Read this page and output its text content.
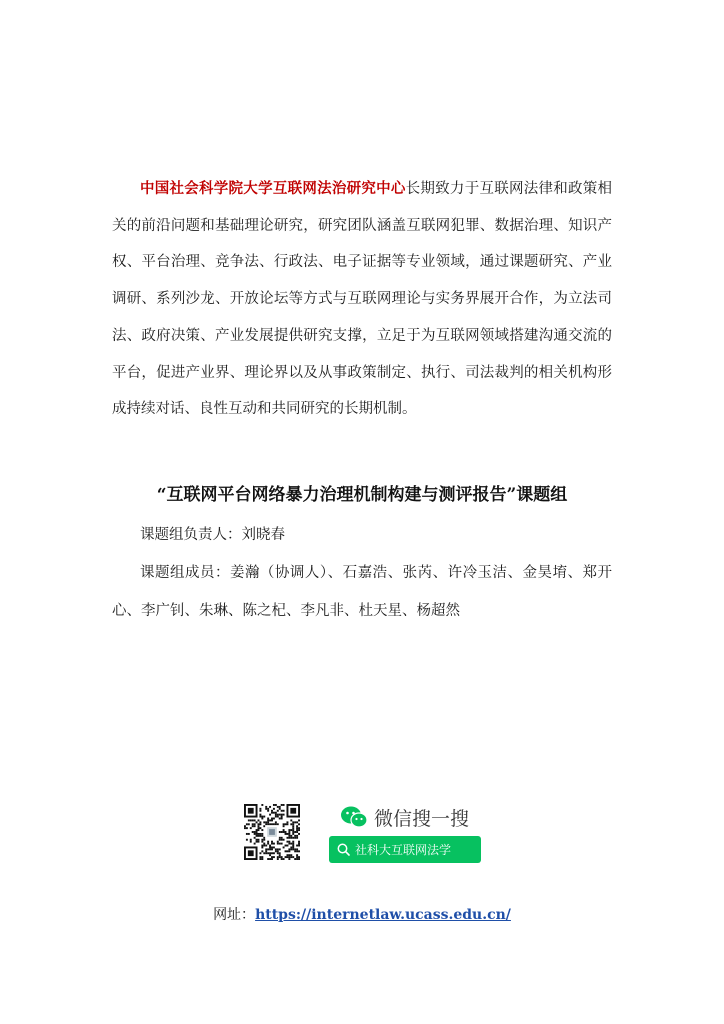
中国社会科学院大学互联网法治研究中心长期致力于互联网法律和政策相关的前沿问题和基础理论研究，研究团队涵盖互联网犯罪、数据治理、知识产权、平台治理、竞争法、行政法、电子证据等专业领域，通过课题研究、产业调研、系列沙龙、开放论坛等方式与互联网理论与实务界展开合作，为立法司法、政府决策、产业发展提供研究支撑，立足于为互联网领域搭建沟通交流的平台，促进产业界、理论界以及从事政策制定、执行、司法裁判的相关机构形成持续对话、良性互动和共同研究的长期机制。
“互联网平台网络暴力治理机制构建与测评报告”课题组

课题组负责人：刘晓春

课题组成员：姜瀚（协调人）、石嘉浩、张芮、许冷玉洁、金昊堉、郑开心、李广钊、朱琳、陈之杞、李凡非、杜天星、杨超然

微信搜一搜
社科大互联网法学
网址：https://internetlaw.ucass.edu.cn/
